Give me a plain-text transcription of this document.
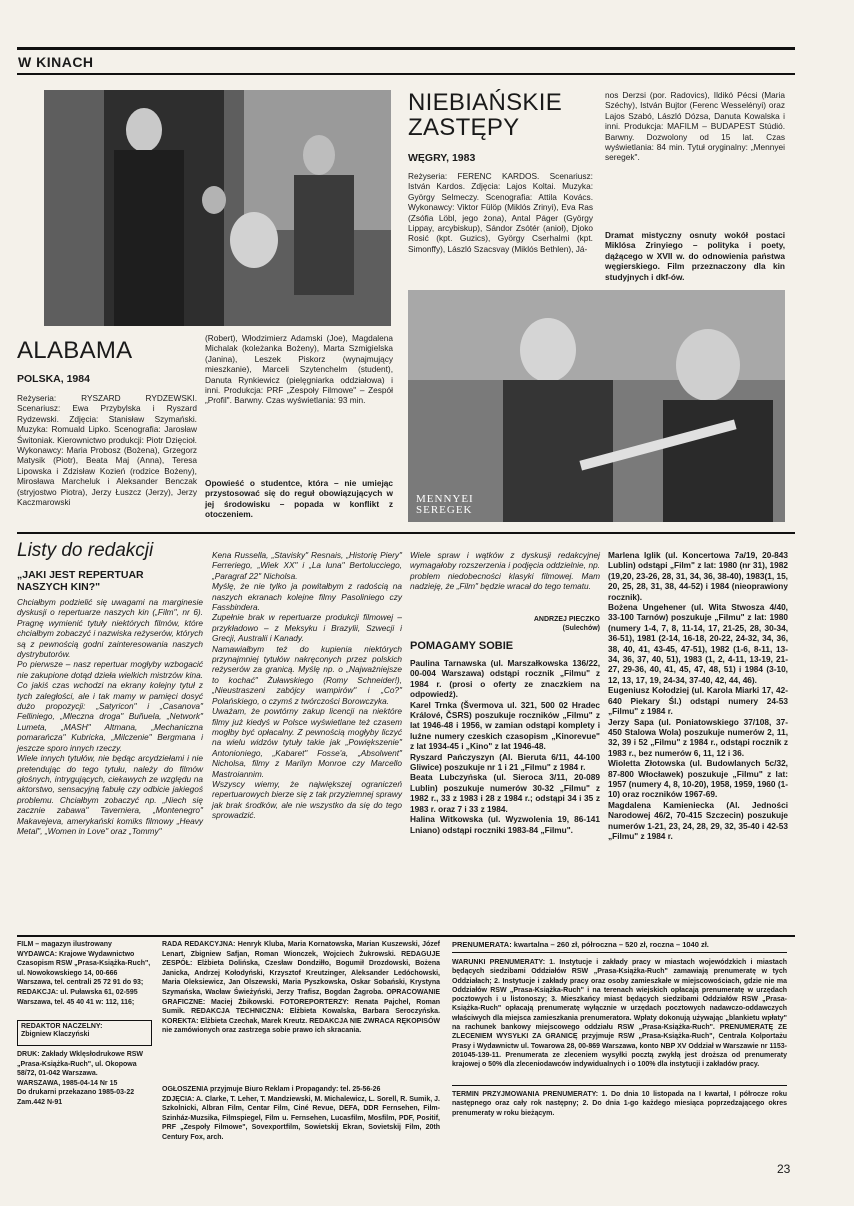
W KINACH
NIEBIAŃSKIE
ZASTĘPY
WĘGRY, 1983

Reżyseria: FERENC KARDOS. Scenariusz: István Kardos. Zdjęcia: Lajos Koltai. Muzyka: György Selmeczy. Scenografia: Attila Kovács. Wykonawcy: Viktor Fülöp (Miklós Zrinyi), Eva Ras (Zsófia Löbl, jego żona), Antal Páger (György Lippay, arcybiskup), Sándor Zsótér (anioł), Djoko Rosić (kpt. Guzics), György Cserhalmi (kpt. Simonffy), László Szacsvay (Miklós Bethlen), Já-

nos Derzsi (por. Radovics), Ildikó Pécsi (Maria Széchy), István Bujtor (Ferenc Wesselényi) oraz Lajos Szabó, László Dózsa, Danuta Kowalska i inni. Produkcja: MAFILM – BUDAPEST Stúdió. Barwny. Dozwolony od 15 lat. Czas wyświetlania: 84 min. Tytuł oryginalny: „Mennyei seregek".

Dramat mistyczny osnuty wokół postaci Miklósa Zrinyiego – polityka i poety, dążącego w XVII w. do odnowienia państwa węgierskiego. Film przeznaczony dla kin studyjnych i dkf-ów.

MENNYEI
SEREGEK
ALABAMA
POLSKA, 1984

Reżyseria: RYSZARD RYDZEWSKI. Scenariusz: Ewa Przybylska i Ryszard Rydzewski. Zdjęcia: Stanisław Szymański. Muzyka: Romuald Lipko. Scenografia: Jarosław Świtoniak. Kierownictwo produkcji: Piotr Dzięcioł. Wykonawcy: Maria Probosz (Bożena), Grzegorz Matysik (Piotr), Beata Maj (Anna), Teresa Lipowska i Zdzisław Kozień (rodzice Bożeny), Mirosława Marcheluk i Aleksander Benczak (stryjostwo Piotra), Jerzy Łuszcz (Jerzy), Jerzy Kaczmarowski

(Robert), Włodzimierz Adamski (Joe), Magdalena Michalak (koleżanka Bożeny), Marta Szmigielska (Janina), Leszek Piskorz (wynajmujący mieszkanie), Marceli Szytenchelm (student), Danuta Rynkiewicz (pielęgniarka oddziałowa) i inni. Produkcja: PRF „Zespoły Filmowe" – Zespół „Profil". Barwny. Czas wyświetlania: 93 min.

Opowieść o studentce, która – nie umiejąc przystosować się do reguł obowiązujących w jej środowisku – popada w konflikt z otoczeniem.

Listy do redakcji
„JAKI JEST REPERTUAR
NASZYCH KIN?"

Chciałbym podzielić się uwagami na marginesie dyskusji o repertuarze naszych kin („Film", nr 6). Pragnę wymienić tytuły niektórych filmów, które chciałbym zobaczyć i nazwiska reżyserów, których są z pewnością godni zainteresowania naszych dystrybutorów.
Po pierwsze – nasz repertuar mogłyby wzbogacić nie zakupione dotąd dzieła wielkich mistrzów kina. Co jakiś czas wchodzi na ekrany kolejny tytuł z tych zaległości, ale i tak mamy w pamięci dosyć dużo propozycji: „Satyricon" i „Casanova" Felliniego, „Mleczna droga" Buñuela, „Network" Lumeta, „MASH" Altmana, „Mechaniczna pomarańcza" Kubricka, „Milczenie" Bergmana i jeszcze sporo innych rzeczy.
Wiele innych tytułów, nie będąc arcydziełami i nie pretendując do tego tytułu, należy do filmów głośnych, intrygujących, ciekawych ze względu na aktorstwo, sensacyjną fabułę czy odbicie jakiegoś problemu. Chciałbym zobaczyć np. „Niech się zacznie zabawa" Taverniera, „Montenegro" Makavejeva, amerykański komiks filmowy „Heavy Metal", „Women in Love" oraz „Tommy"

Kena Russella, „Stavisky" Resnais, „Historię Piery" Ferreriego, „Wiek XX" i „La luna" Bertolucciego, „Paragraf 22" Nicholsa.
Myślę, że nie tylko ja powitałbym z radością na naszych ekranach kolejne filmy Pasoliniego czy Fassbindera.
Zupełnie brak w repertuarze produkcji filmowej – przykładowo – z Meksyku i Brazylii, Szwecji i Grecji, Australii i Kanady.
Namawiałbym też do kupienia niektórych przynajmniej tytułów nakręconych przez polskich reżyserów za granicą. Myślę np. o „Najważniejsze to kochać" Żuławskiego (Romy Schneider!), „Nieustraszeni zabójcy wampirów" i „Co?" Polańskiego, o czymś z twórczości Borowczyka.
Uważam, że powtórny zakup licencji na niektóre filmy już kiedyś w Polsce wyświetlane też czasem mogłby być opłacalny. Z pewnością mogłyby liczyć na wielu widzów tytuły takie jak „Powiększenie" Antonioniego, „Kabaret" Fosse'a, „Absolwent" Nicholsa, filmy z Marilyn Monroe czy Marcello Mastroiannim.
Wszyscy wiemy, że największej ograniczeń repertuarowych bierze się z tak przyziemnej sprawy jak brak środków, ale nie wszystko da się do tego sprowadzić.

Wiele spraw i wątków z dyskusji redakcyjnej wymagałoby rozszerzenia i podjęcia oddzielnie, np. problem niedobecności klasyki filmowej. Mam nadzieję, że „Film" będzie wracał do tego tematu.

ANDRZEJ PIECZKO
(Sulechów)
POMAGAMY SOBIE

Paulina Tarnawska (ul. Marszałkowska 136/22, 00-004 Warszawa) odstąpi rocznik „Filmu" z 1984 r. (prosi o oferty ze znaczkiem na odpowiedź).
Karel Trnka (Švermova ul. 321, 500 02 Hradec Králové, ČSRS) poszukuje roczników „Filmu" z lat 1946-48 i 1956, w zamian odstąpi komplety i luźne numery czeskich czasopism „Kinorevue" z lat 1934-45 i „Kino" z lat 1946-48.
Ryszard Pańczyszyn (Al. Bieruta 6/11, 44-100 Gliwice) poszukuje nr 1 i 21 „Filmu" z 1984 r.
Beata Lubczyńska (ul. Sieroca 3/11, 20-089 Lublin) poszukuje numerów 30-32 „Filmu" z 1982 r., 33 z 1983 i 28 z 1984 r.; odstąpi 34 i 35 z 1983 r. oraz 7 i 33 z 1984.
Halina Witkowska (ul. Wyzwolenia 19, 86-141 Lniano) odstąpi roczniki 1983-84 „Filmu".

Marlena Iglik (ul. Koncertowa 7a/19, 20-843 Lublin) odstąpi „Film" z lat: 1980 (nr 31), 1982 (19,20, 23-26, 28, 31, 34, 36, 38-40), 1983(1, 15, 20, 25, 28, 31, 38, 44-52) i 1984 (nieoprawiony rocznik).
Bożena Ungehener (ul. Wita Stwosza 4/40, 33-100 Tarnów) poszukuje „Filmu" z lat: 1980 (numery 1-4, 7, 8, 11-14, 17, 21-25, 28, 30-34, 36-51), 1981 (2-14, 16-18, 20-22, 24-32, 34, 36, 38, 40, 41, 43-45, 47-51), 1982 (1-6, 8-11, 13-34, 36, 37, 40, 51), 1983 (1, 2, 4-11, 13-19, 21-27, 29-36, 40, 41, 45, 47, 48, 51) i 1984 (3-10, 12, 13, 17, 19, 24-34, 37-40, 42, 44, 46).
Eugeniusz Kołodziej (ul. Karola Miarki 17, 42-640 Piekary Śl.) odstąpi numery 24-53 „Filmu" z 1984 r.
Jerzy Sapa (ul. Poniatowskiego 37/108, 37-450 Stalowa Wola) poszukuje numerów 2, 11, 32, 39 i 52 „Filmu" z 1984 r., odstąpi rocznik z 1983 r., bez numerów 6, 11, 12 i 36.
Wioletta Złotowska (ul. Budowlanych 5c/32, 87-800 Włocławek) poszukuje „Filmu" z lat: 1957 (numery 4, 8, 10-20), 1958, 1959, 1960 (1-10) oraz roczników 1967-69.
Magdalena Kamieniecka (Al. Jedności Narodowej 46/2, 70-415 Szczecin) poszukuje numerów 1-21, 23, 24, 28, 29, 32, 35-40 i 42-53 „Filmu" z 1984 r.

FILM – magazyn ilustrowany
WYDAWCA: Krajowe Wydawnictwo Czasopism RSW „Prasa-Książka-Ruch", ul. Nowokowskiego 14, 00-666 Warszawa, tel. centrali 25 72 91 do 93;
REDAKCJA: ul. Puławska 61, 02-595 Warszawa, tel. 45 40 41 w: 112, 116;

REDAKTOR NACZELNY:
Zbigniew Klaczyński

DRUK: Zakłady Wklęsłodrukowe RSW „Prasa-Książka-Ruch", ul. Okopowa 58/72, 01-042 Warszawa.
WARSZAWA, 1985-04-14 Nr 15
Do drukarni przekazano 1985-03-22 Zam.442 N-91

RADA REDAKCYJNA: Henryk Kluba, Maria Kornatowska, Marian Kuszewski, Józef Lenart, Zbigniew Safjan, Roman Wionczek, Wojciech Żukrowski. REDAGUJE ZESPÓŁ: Elżbieta Dolińska, Czesław Dondziłło, Bogumił Drozdowski, Bożena Janicka, Andrzej Kołodyński, Krzysztof Kreutzinger, Aleksander Ledóchowski, Maria Oleksiewicz, Jan Olszewski, Maria Pyszkowska, Oskar Sobański, Krystyna Szymańska, Wacław Świeżyński, Jerzy Trafisz, Bogdan Żagroba. OPRACOWANIE GRAFICZNE: Maciej Żbikowski. FOTOREPORTERZY: Renata Pajchel, Roman Sumik. REDAKCJA TECHNICZNA: Elżbieta Kowalska, Barbara Seroczyńska. KOREKTA: Elżbieta Czechak, Marek Kreutz. REDAKCJA NIE ZWRACA RĘKOPISÓW nie zamówionych oraz zastrzega sobie prawo ich skracania.

OGŁOSZENIA przyjmuje Biuro Reklam i Propagandy: tel. 25-56-26
ZDJĘCIA: A. Clarke, T. Leher, T. Mandziewski, M. Michalewicz, L. Sorell, R. Sumik, J. Szkolnicki, Albran Film, Centar Film, Ciné Revue, DEFA, DDR Fernsehen, Film-Szinház-Muzsika, Filmspiegel, Film u. Fernsehen, Lucasfilm, Mosfilm, PDF, Positif, PRF „Zespoły Filmowe", Sovexportfilm, Sowietskij Ekran, Sovietskij Film, 20th Century Fox, arch.

PRENUMERATA: kwartalna – 260 zł, półroczna – 520 zł, roczna – 1040 zł.

WARUNKI PRENUMERATY: 1. Instytucje i zakłady pracy w miastach wojewódzkich i miastach będących siedzibami Oddziałów RSW „Prasa-Książka-Ruch" zamawiają prenumeratę w tych Oddziałach; 2. Instytucje i zakłady pracy oraz osoby zamieszkałe w miejscowościach, gdzie nie ma Oddziałów RSW „Prasa-Książka-Ruch" i na terenach wiejskich opłacają prenumeratę w urzędach pocztowych i u listonoszy; 3. Mieszkańcy miast będących siedzibami Oddziałów RSW „Prasa-Książka-Ruch" opłacają prenumeratę wyłącznie w urzędach pocztowych nadawczo-oddawczych właściwych dla miejsca zamieszkania prenumeratora. Wpłaty dokonują używając „blankietu wpłaty" na rachunek bankowy miejscowego oddziału RSW „Prasa-Książka-Ruch". PRENUMERATĘ ZE ZLECENIEM WYSYŁKI ZA GRANICĘ przyjmuje RSW „Prasa-Książka-Ruch", Centrala Kolportażu Prasy i Wydawnictw ul. Towarowa 28, 00-869 Warszawa, konto NBP XV Oddział w Warszawie nr 1153-201045-139-11. Prenumerata ze zleceniem wysyłki pocztą zwykłą jest droższa od prenumeraty krajowej o 50% dla zleceniodawców indywidualnych i o 100% dla instytucji i zakładów pracy.

TERMIN PRZYJMOWANIA PRENUMERATY: 1. Do dnia 10 listopada na I kwartał, I półrocze roku następnego oraz cały rok następny; 2. Do dnia 1-go każdego miesiąca poprzedzającego okres prenumeraty w roku bieżącym.

23
